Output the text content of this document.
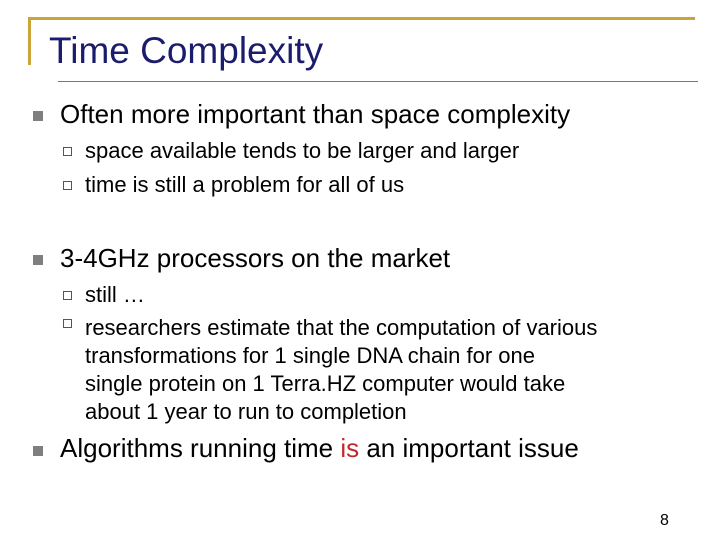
Time Complexity
Often more important than space complexity
space available tends to be larger and larger
time is still a problem for all of us
3-4GHz processors on the market
still …
researchers estimate that the computation of various
transformations for 1 single DNA chain for one
single protein on 1 Terra.HZ computer would take
about 1 year to run to completion
Algorithms running time is an important issue
8
